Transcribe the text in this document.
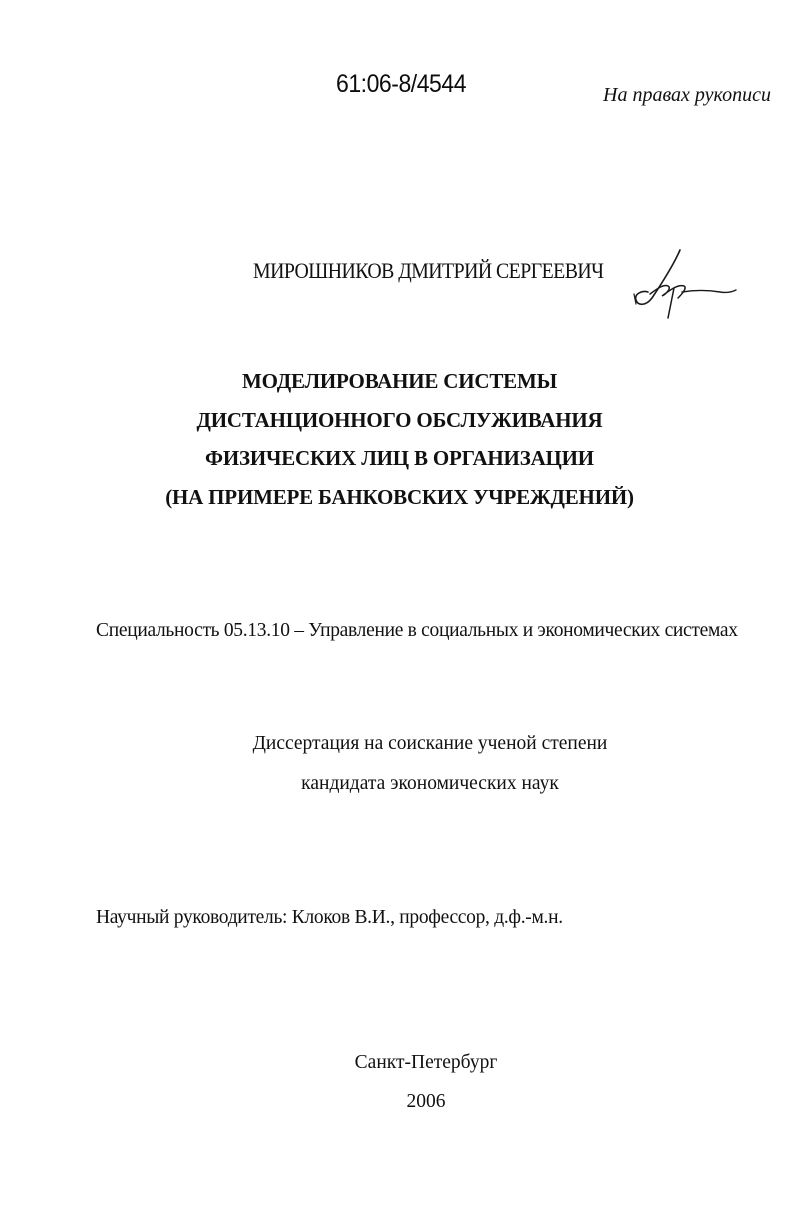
61:06-8/4544	На правах рукописи
МИРОШНИКОВ ДМИТРИЙ СЕРГЕЕВИЧ
МОДЕЛИРОВАНИЕ СИСТЕМЫ
ДИСТАНЦИОННОГО ОБСЛУЖИВАНИЯ
ФИЗИЧЕСКИХ ЛИЦ В ОРГАНИЗАЦИИ
(НА ПРИМЕРЕ БАНКОВСКИХ УЧРЕЖДЕНИЙ)
Специальность 05.13.10 – Управление в социальных и экономических системах
Диссертация на соискание ученой степени
кандидата экономических наук
Научный руководитель: Клоков В.И., профессор, д.ф.-м.н.
Санкт-Петербург
2006
